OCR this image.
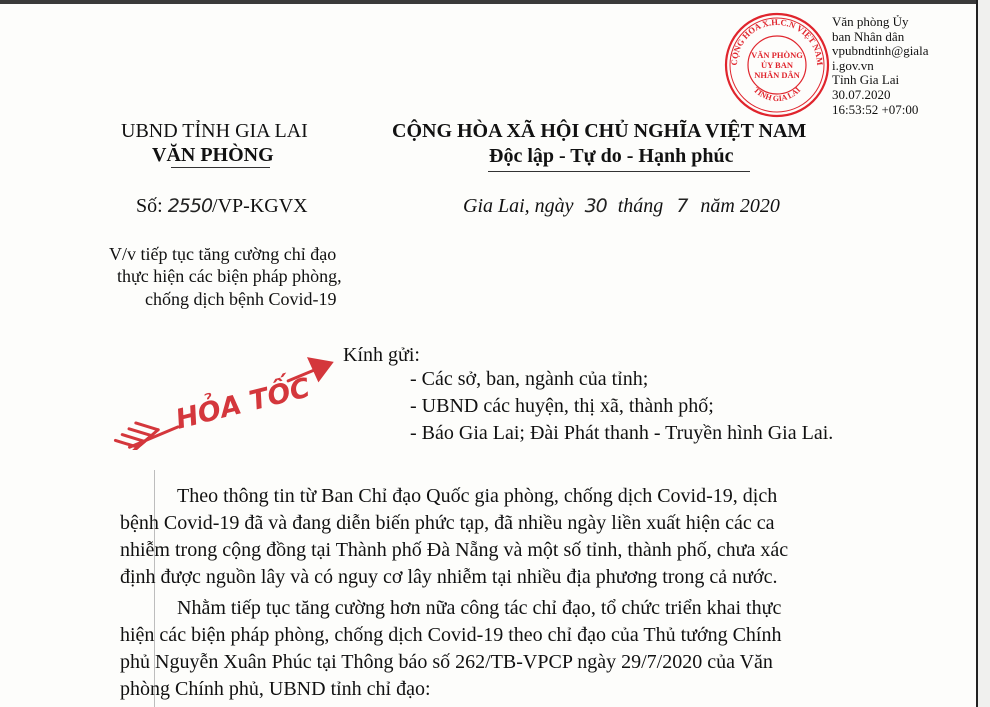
CỘNG HÒA X.H.C.N VIỆT NAM
TỈNH GIA LAI
VĂN PHÒNG
ỦY BAN
NHÂN DÂN
Văn phòng Ủy
ban Nhân dân
vpubndtinh@giala
i.gov.vn
Tỉnh Gia Lai
30.07.2020
16:53:52 +07:00
UBND TỈNH GIA LAI
VĂN PHÒNG
CỘNG HÒA XÃ HỘI CHỦ NGHĨA VIỆT NAM
Độc lập - Tự do - Hạnh phúc
Số: 2550/VP-KGVX	Gia Lai, ngày 30 tháng 7 năm 2020
V/v tiếp tục tăng cường chỉ đạo
thực hiện các biện pháp phòng,
chống dịch bệnh Covid-19
HỎA TỐC
Kính gửi:
- Các sở, ban, ngành của tỉnh;
- UBND các huyện, thị xã, thành phố;
- Báo Gia Lai; Đài Phát thanh - Truyền hình Gia Lai.
Theo thông tin từ Ban Chỉ đạo Quốc gia phòng, chống dịch Covid-19, dịch
bệnh Covid-19 đã và đang diễn biến phức tạp, đã nhiều ngày liền xuất hiện các ca
nhiễm trong cộng đồng tại Thành phố Đà Nẵng và một số tỉnh, thành phố, chưa xác
định được nguồn lây và có nguy cơ lây nhiễm tại nhiều địa phương trong cả nước.
Nhằm tiếp tục tăng cường hơn nữa công tác chỉ đạo, tổ chức triển khai thực
hiện các biện pháp phòng, chống dịch Covid-19 theo chỉ đạo của Thủ tướng Chính
phủ Nguyễn Xuân Phúc tại Thông báo số 262/TB-VPCP ngày 29/7/2020 của Văn
phòng Chính phủ, UBND tỉnh chỉ đạo:
